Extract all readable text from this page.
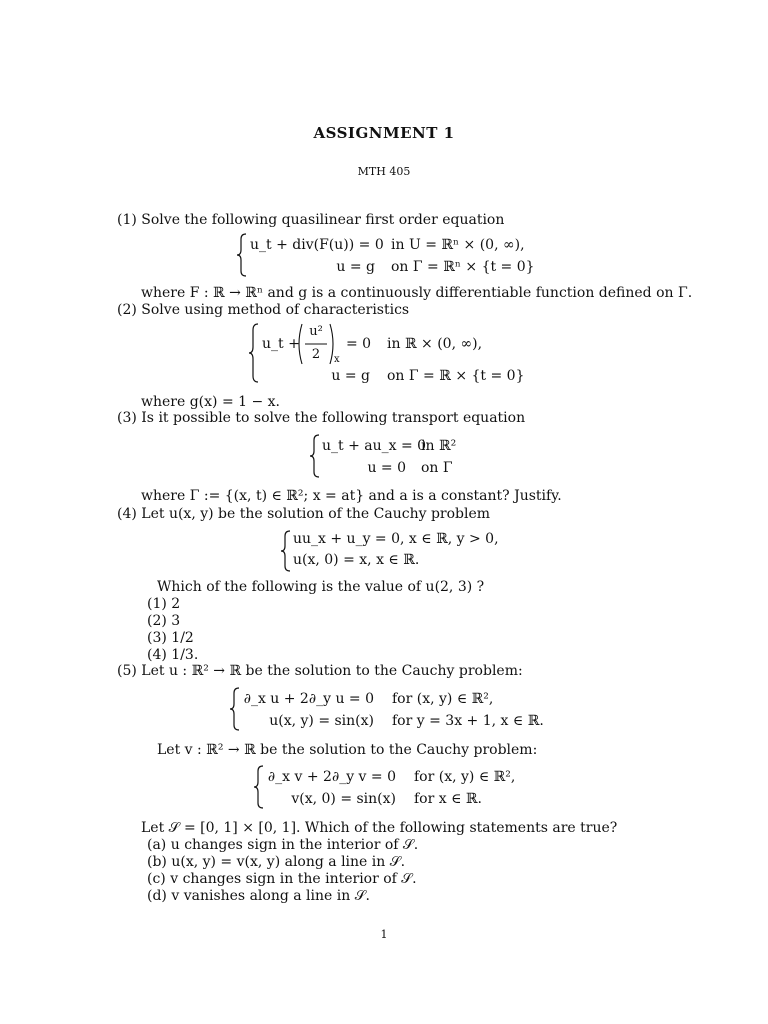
ASSIGNMENT 1
MTH 405
(1) Solve the following quasilinear first order equation
u_t + div(F(u)) = 0 in U = ℝⁿ × (0, ∞),
u = g on Γ = ℝⁿ × {t = 0}
where F : ℝ → ℝⁿ and g is a continuously differentiable function defined on Γ.
(2) Solve using method of characteristics
u_t +
u²
2	x
= 0 in ℝ × (0, ∞),
u = g on Γ = ℝ × {t = 0}
where g(x) = 1 − x.
(3) Is it possible to solve the following transport equation
u_t + au_x = 0
in ℝ²
u = 0 on Γ
where Γ := {(x, t) ∈ ℝ²; x = at} and a is a constant? Justify.
(4) Let u(x, y) be the solution of the Cauchy problem
uu_x + u_y = 0, x ∈ ℝ, y > 0,
u(x, 0) = x, x ∈ ℝ.
Which of the following is the value of u(2, 3) ?
(1) 2
(2) 3
(3) 1/2
(4) 1/3.
(5) Let u : ℝ² → ℝ be the solution to the Cauchy problem:
∂_x u + 2∂_y u = 0 for (x, y) ∈ ℝ²,
u(x, y) = sin(x) for y = 3x + 1, x ∈ ℝ.
Let v : ℝ² → ℝ be the solution to the Cauchy problem:
∂_x v + 2∂_y v = 0 for (x, y) ∈ ℝ²,
v(x, 0) = sin(x) for x ∈ ℝ.
Let 𝒮 = [0, 1] × [0, 1]. Which of the following statements are true?
(a) u changes sign in the interior of 𝒮.
(b) u(x, y) = v(x, y) along a line in 𝒮.
(c) v changes sign in the interior of 𝒮.
(d) v vanishes along a line in 𝒮.
1
